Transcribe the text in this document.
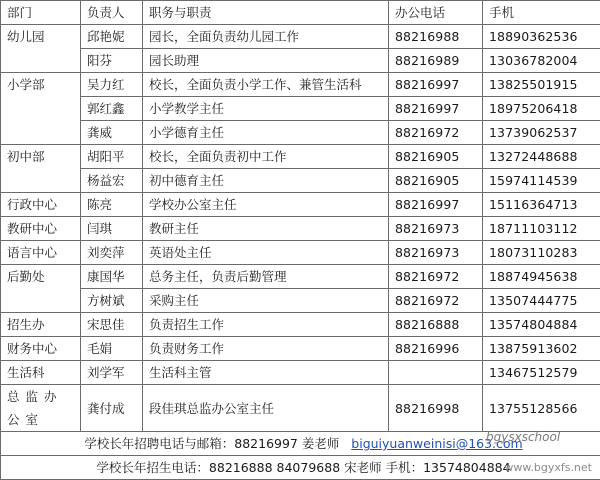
部门	负责人	职务与职责	办公电话	手机
幼儿园	邱艳妮	园长，全面负责幼儿园工作	88216988	18890362536
	阳芬	园长助理	88216989	13036782004
小学部	吴力红	校长，全面负责小学工作、兼管生活科	88216997	13825501915
	郭红鑫	小学教学主任	88216997	18975206418
	龚威	小学德育主任	88216972	13739062537
初中部	胡阳平	校长，全面负责初中工作	88216905	13272448688
	杨益宏	初中德育主任	88216905	15974114539
行政中心	陈亮	学校办公室主任	88216997	15116364713
教研中心	闫琪	教研主任	88216973	18711103112
语言中心	刘奕萍	英语处主任	88216973	18073110283
后勤处	康国华	总务主任，负责后勤管理	88216972	18874945638
	方树斌	采购主任	88216972	13507444775
招生办	宋思佳	负责招生工作	88216888	13574804884
财务中心	毛娟	负责财务工作	88216996	13875913602
生活科	刘学军	生活科主管		13467512579
总监办公室	龚付成	段佳琪总监办公室主任	88216998	13755128566
学校长年招聘电话与邮箱：88216997 姜老师 biguiyuanweinisi@163.com				
学校长年招生电话：88216888 84079688 宋老师 手机：13574804884				
bgysxschool
www.bgyxfs.net
